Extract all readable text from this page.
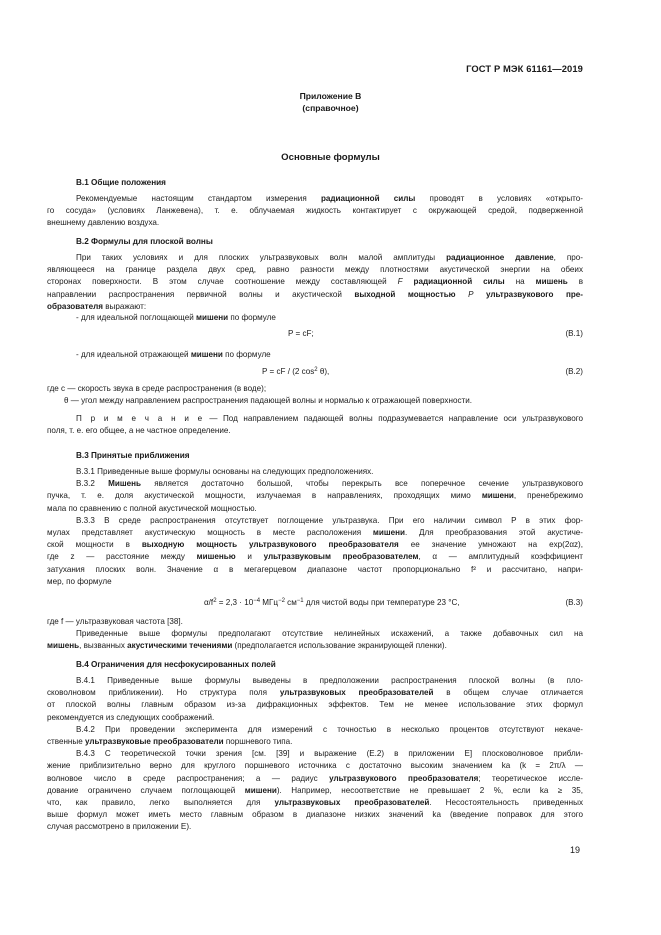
ГОСТ Р МЭК 61161—2019
Приложение В
(справочное)
Основные формулы
В.1 Общие положения
Рекомендуемые настоящим стандартом измерения радиационной силы проводят в условиях «открыто-
го сосуда» (условиях Ланжевена), т. е. облучаемая жидкость контактирует с окружающей средой, подверженной
внешнему давлению воздуха.
В.2 Формулы для плоской волны
При таких условиях и для плоских ультразвуковых волн малой амплитуды радиационное давление, про-
являющееся на границе раздела двух сред, равно разности между плотностями акустической энергии на обеих
сторонах поверхности. В этом случае соотношение между составляющей F радиационной силы на мишень в
направлении распространения первичной волны и акустической выходной мощностью P ультразвукового пре-
образователя выражают:
- для идеальной поглощающей мишени по формуле
P = cF;	(В.1)
- для идеальной отражающей мишени по формуле
P = cF / (2 $\cos^2 \theta$),	(В.2)
где c — скорость звука в среде распространения (в воде);
θ — угол между направлением распространения падающей волны и нормалью к отражающей поверхности.
П р и м е ч а н и е — Под направлением падающей волны подразумевается направление оси ультразвукового
поля, т. е. его общее, а не частное определение.
В.3 Принятые приближения
В.3.1 Приведенные выше формулы основаны на следующих предположениях.
В.3.2 Мишень является достаточно большой, чтобы перекрыть все поперечное сечение ультразвукового
пучка, т. е. доля акустической мощности, излучаемая в направлениях, проходящих мимо мишени, пренебрежимо
мала по сравнению с полной акустической мощностью.
В.3.3 В среде распространения отсутствует поглощение ультразвука. При его наличии символ P в этих фор-
мулах представляет акустическую мощность в месте расположения мишени. Для преобразования этой акустиче-
ской мощности в выходную мощность ультразвукового преобразователя ее значение умножают на exp(2αz),
где z — расстояние между мишенью и ультразвуковым преобразователем, α — амплитудный коэффициент
затухания плоских волн. Значение α в мегагерцевом диапазоне частот пропорционально f² и рассчитано, напри-
мер, по формуле
$\alpha/f^2 = 2,3 \cdot 10^{-4}$ МГц$^{-2}$ $см^{-1}$ для чистой воды при температуре 23 °С,	(В.3)
где f — ультразвуковая частота [38].
Приведенные выше формулы предполагают отсутствие нелинейных искажений, а также добавочных сил на
мишень, вызванных акустическими течениями (предполагается использование экранирующей пленки).
В.4 Ограничения для несфокусированных полей
В.4.1 Приведенные выше формулы выведены в предположении распространения плоской волны (в пло-
сковолновом приближении). Но структура поля ультразвуковых преобразователей в общем случае отличается
от плоской волны главным образом из-за дифракционных эффектов. Тем не менее использование этих формул
рекомендуется из следующих соображений.
В.4.2 При проведении эксперимента для измерений с точностью в несколько процентов отсутствуют некаче-
ственные ультразвуковые преобразователи поршневого типа.
В.4.3 С теоретической точки зрения [см. [39] и выражение (Е.2) в приложении Е] плосковолновое прибли-
жение приблизительно верно для круглого поршневого источника с достаточно высоким значением ka (k = 2π/λ —
волновое число в среде распространения; a — радиус ультразвукового преобразователя; теоретическое иссле-
дование ограничено случаем поглощающей мишени). Например, несоответствие не превышает 2 %, если ka ≥ 35,
что, как правило, легко выполняется для ультразвуковых преобразователей. Несостоятельность приведенных
выше формул может иметь место главным образом в диапазоне низких значений ka (введение поправок для этого
случая рассмотрено в приложении Е).
19
